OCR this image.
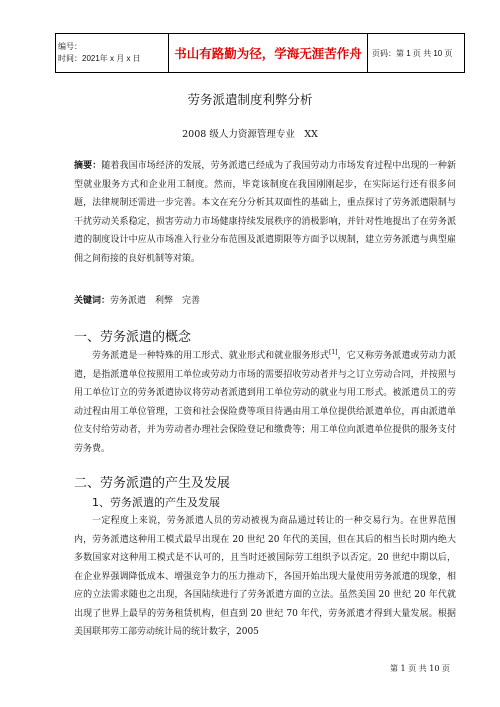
编号：
时间：2021年 x 月 x 日	书山有路勤为径，学海无涯苦作舟	页码：第 1 页 共 10 页
劳务派遣制度利弊分析
2008 级人力资源管理专业　XX

摘要：随着我国市场经济的发展，劳务派遣已经成为了我国劳动力市场发育过程中出现的一种新型就业服务方式和企业用工制度。然而，毕竟该制度在我国刚刚起步，在实际运行还有很多问题，法律规制还需进一步完善。本文在充分分析其双面性的基础上，重点探讨了劳务派遣限制与干扰劳动关系稳定，损害劳动力市场健康持续发展秩序的消极影响，并针对性地提出了在劳务派遣的制度设计中应从市场准入行业分布范围及派遣期限等方面予以规制，建立劳务派遣与典型雇佣之间衔接的良好机制等对策。

关键词：劳务派遣　利弊　完善

一、劳务派遣的概念

劳务派遣是一种特殊的用工形式、就业形式和就业服务形式[1]，它又称劳务派遣或劳动力派遣，是指派遣单位按照用工单位或劳动力市场的需要招收劳动者并与之订立劳动合同，并按照与用工单位订立的劳务派遣协议将劳动者派遣到用工单位劳动的就业与用工形式。被派遣员工的劳动过程由用工单位管理，工资和社会保险费等项目待遇由用工单位提供给派遣单位，再由派遣单位支付给劳动者，并为劳动者办理社会保险登记和缴费等；用工单位向派遣单位提供的服务支付劳务费。

二、劳务派遣的产生及发展
1、劳务派遣的产生及发展

一定程度上来说，劳务派遣人员的劳动被视为商品通过转让的一种交易行为。在世界范围内，劳务派遣这种用工模式最早出现在 20 世纪 20 年代的美国，但在其后的相当长时期内绝大多数国家对这种用工模式是不认可的，且当时还被国际劳工组织予以否定。20 世纪中期以后，在企业界强调降低成本、增强竞争力的压力推动下，各国开始出现大量使用劳务派遣的现象，相应的立法需求随也之出现，各国陆续进行了劳务派遣方面的立法。虽然美国 20 世纪 20 年代就出现了世界上最早的劳务租赁机构，但直到 20 世纪 70 年代，劳务派遣才得到大量发展。根据美国联邦劳工部劳动统计局的统计数字，2005

第 1 页 共 10 页
